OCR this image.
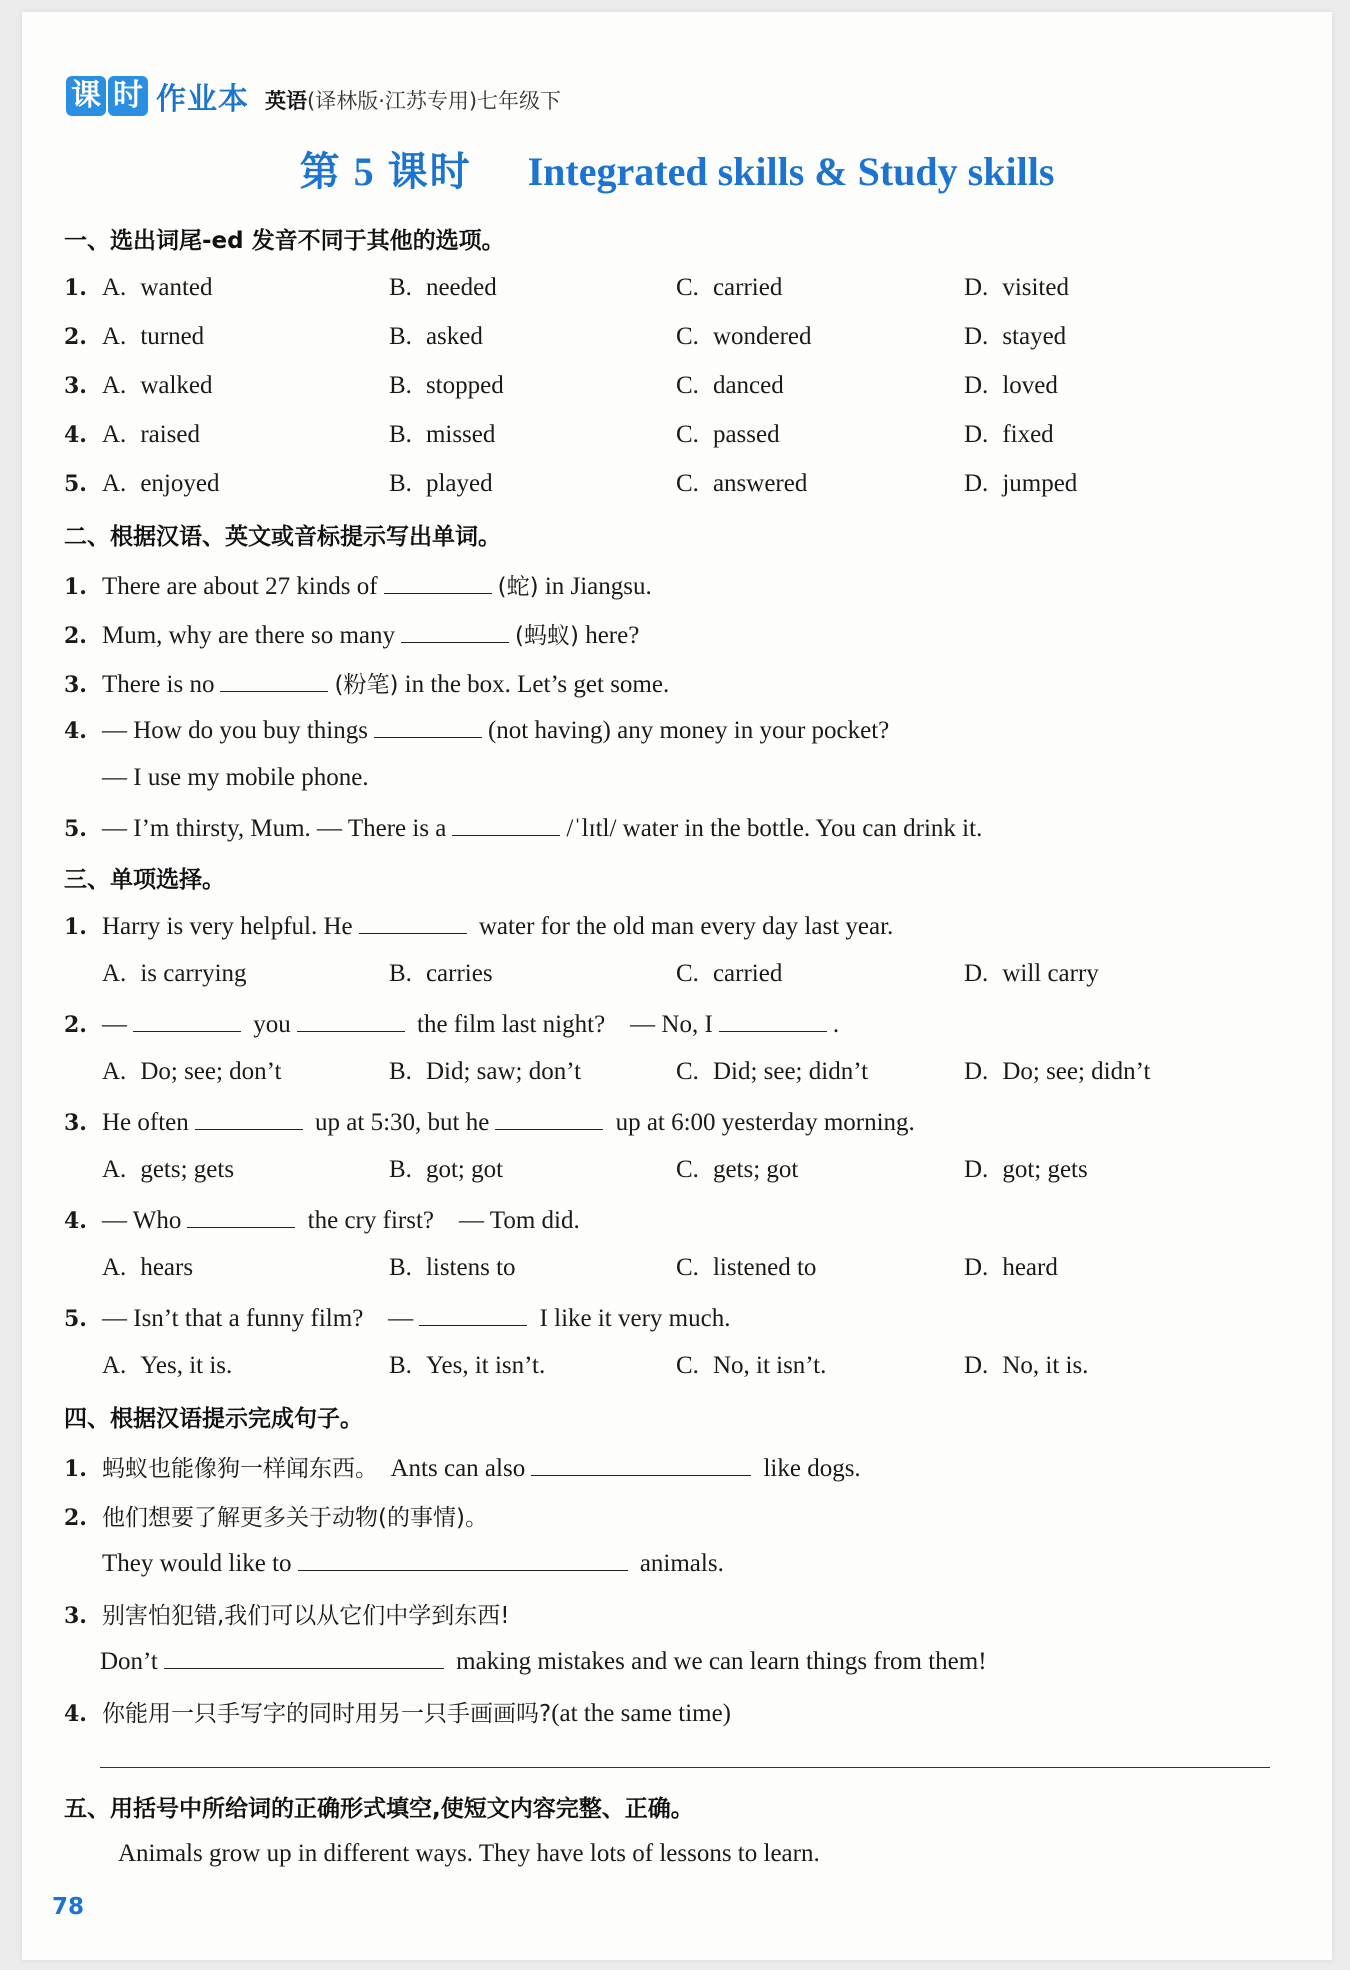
课 时 作业本 英语(译林版·江苏专用)七年级下
第 5 课时 Integrated skills & Study skills
一、选出词尾-ed 发音不同于其他的选项。
1. A. wanted	B. needed	C. carried	D. visited
2. A. turned	B. asked	C. wondered	D. stayed
3. A. walked	B. stopped	C. danced	D. loved
4. A. raised	B. missed	C. passed	D. fixed
5. A. enjoyed	B. played	C. answered	D. jumped
二、根据汉语、英文或音标提示写出单词。
1. There are about 27 kinds of	(蛇) in Jiangsu.
2. Mum, why are there so many	(蚂蚁) here?
3. There is no	(粉笔) in the box. Let’s get some.
4. — How do you buy things	(not having) any money in your pocket?
— I use my mobile phone.
5. — I’m thirsty, Mum. — There is a	/ˈlɪtl/ water in the bottle. You can drink it.
三、单项选择。
1. Harry is very helpful. He	water for the old man every day last year.
A. is carrying	B. carries	C. carried	D. will carry
2. —	you	the film last night? — No, I	.
A. Do; see; don’t	B. Did; saw; don’t	C. Did; see; didn’t	D. Do; see; didn’t
3. He often	up at 5:30, but he	up at 6:00 yesterday morning.
A. gets; gets	B. got; got	C. gets; got	D. got; gets
4. — Who	the cry first? — Tom did.
A. hears	B. listens to	C. listened to	D. heard
5. — Isn’t that a funny film? —	I like it very much.
A. Yes, it is.	B. Yes, it isn’t.	C. No, it isn’t.	D. No, it is.
四、根据汉语提示完成句子。
1. 蚂蚁也能像狗一样闻东西。 Ants can also	like dogs.
2. 他们想要了解更多关于动物(的事情)。
They would like to	animals.
3. 别害怕犯错,我们可以从它们中学到东西!
Don’t	making mistakes and we can learn things from them!
4. 你能用一只手写字的同时用另一只手画画吗?(at the same time)
五、用括号中所给词的正确形式填空,使短文内容完整、正确。
Animals grow up in different ways. They have lots of lessons to learn.
78
